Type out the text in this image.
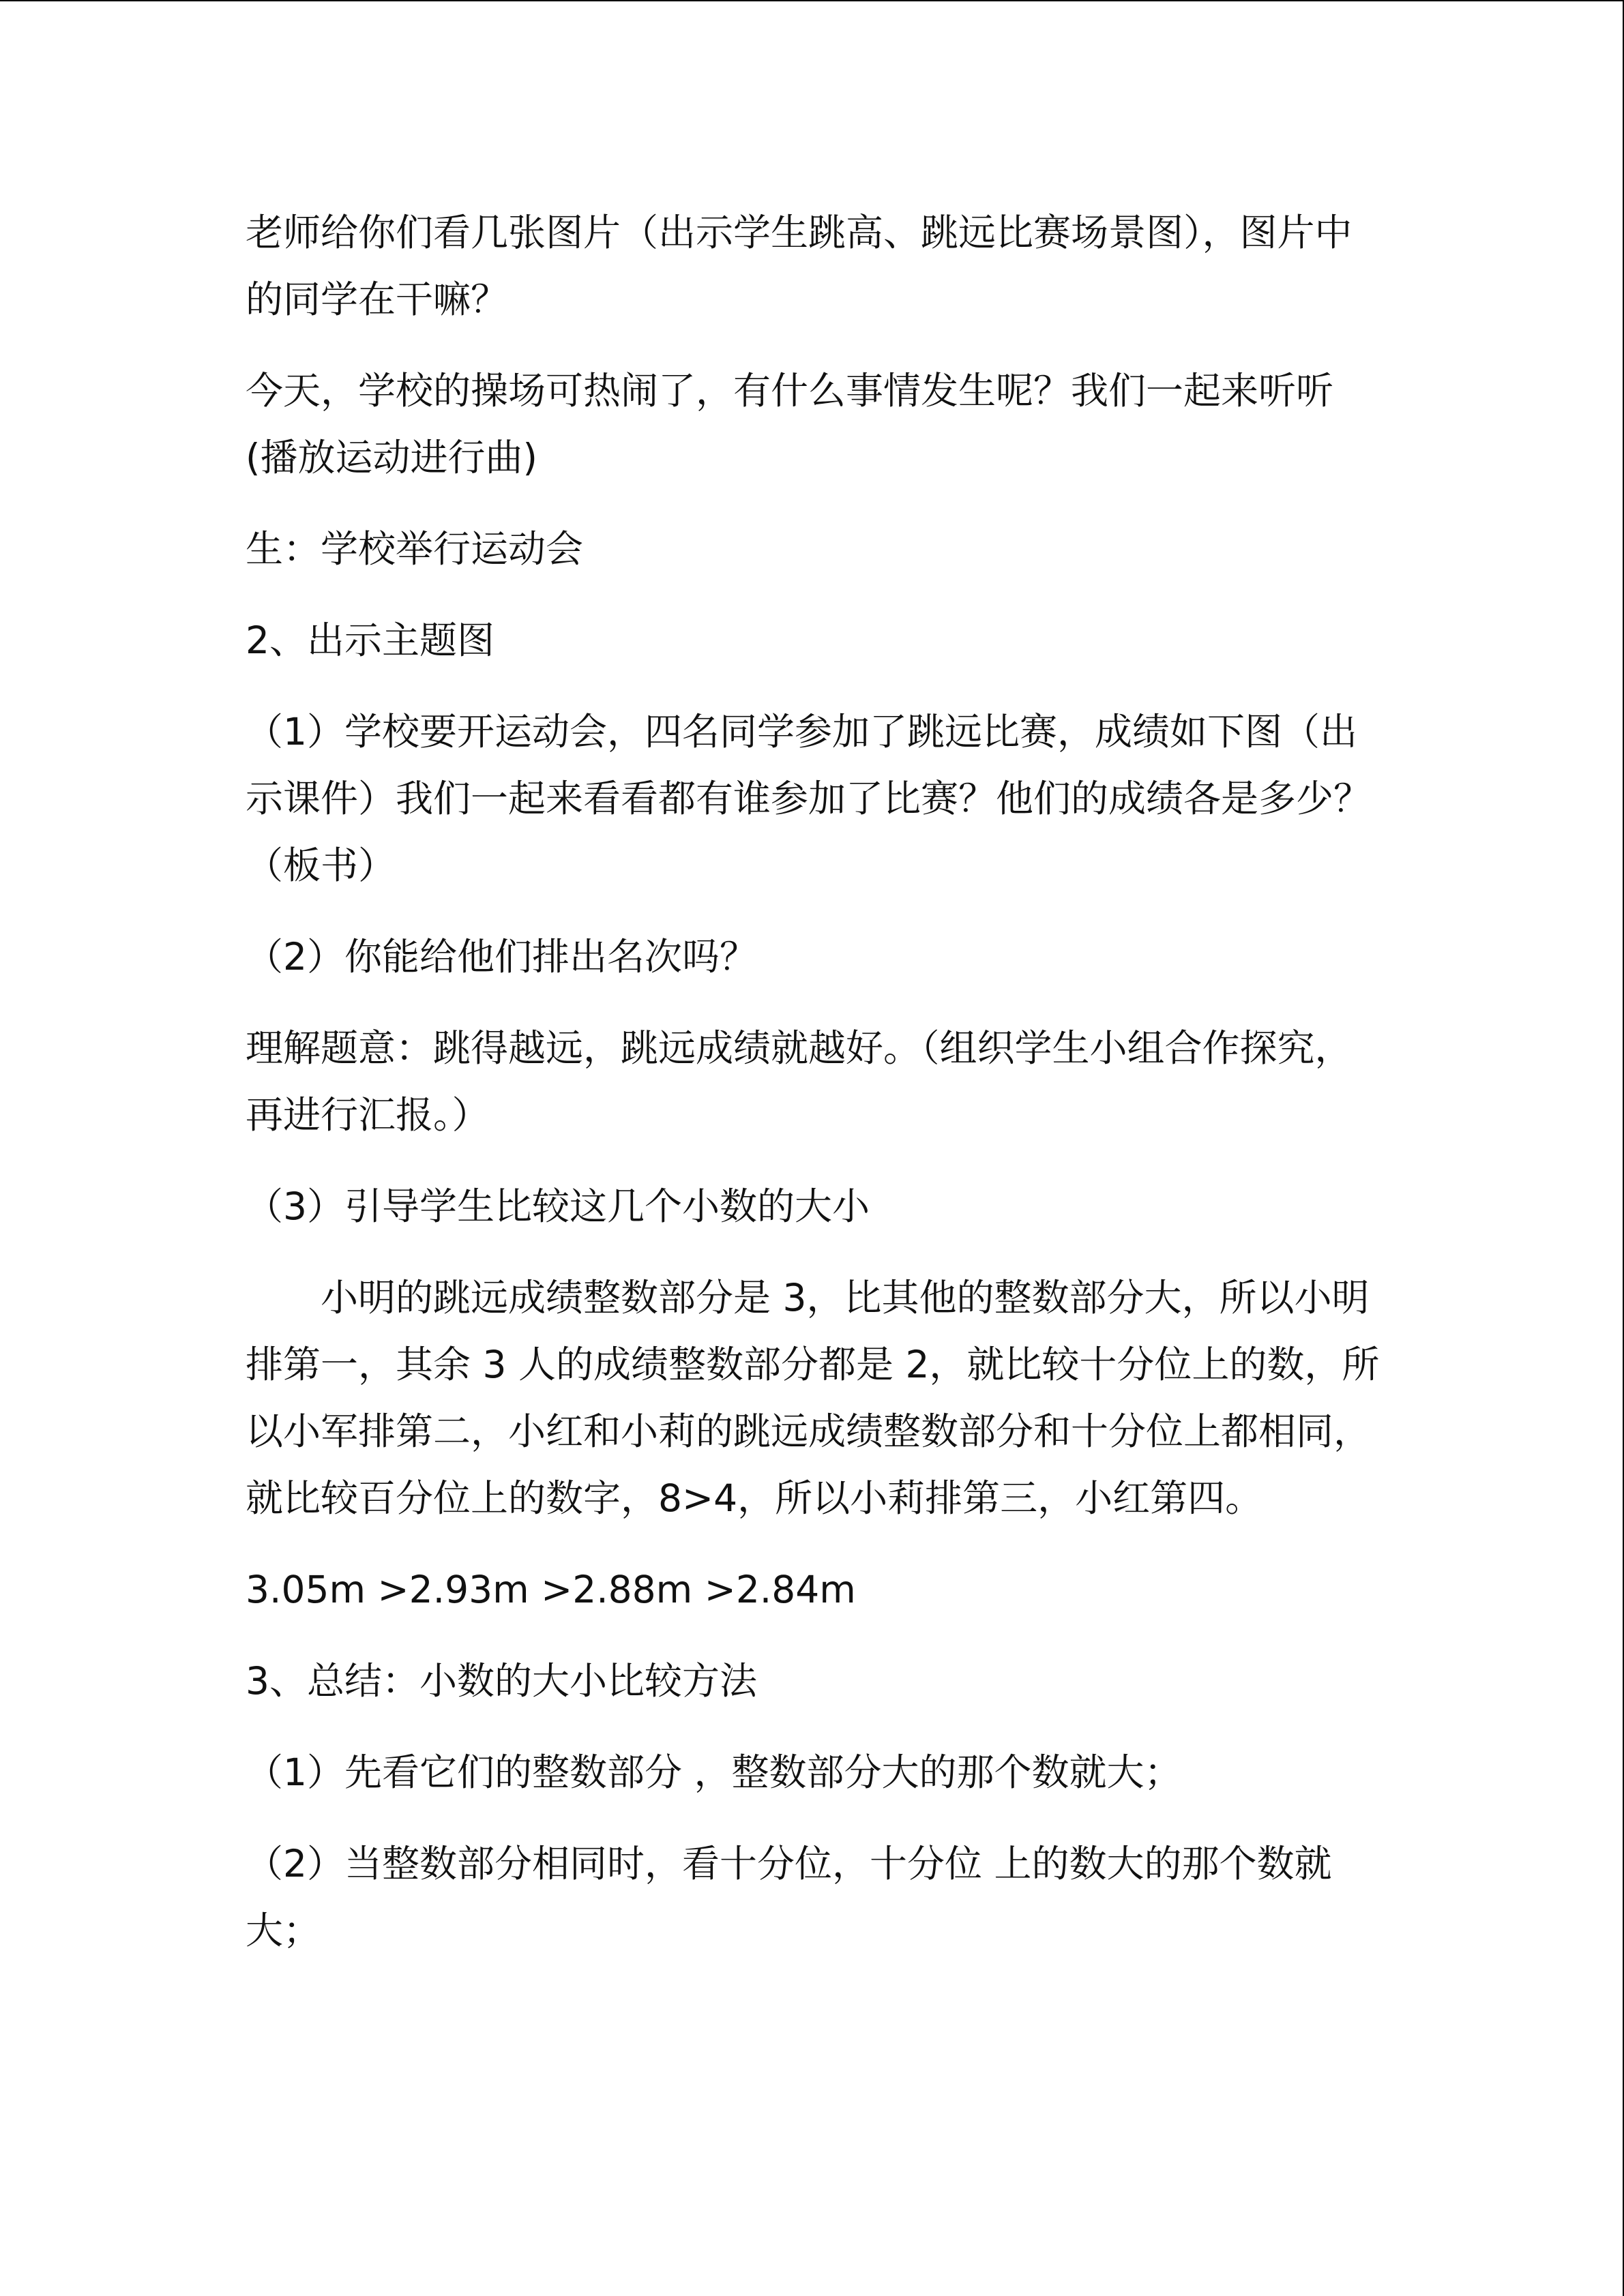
老师给你们看几张图片（出示学生跳高、跳远比赛场景图），图片中的同学在干嘛？

今天，学校的操场可热闹了，有什么事情发生呢？我们一起来听听(播放运动进行曲)

生：学校举行运动会

2、出示主题图

（1）学校要开运动会，四名同学参加了跳远比赛，成绩如下图（出示课件）我们一起来看看都有谁参加了比赛？他们的成绩各是多少？（板书）

（2）你能给他们排出名次吗？

理解题意：跳得越远，跳远成绩就越好。（组织学生小组合作探究，再进行汇报。）

（3）引导学生比较这几个小数的大小

小明的跳远成绩整数部分是 3，比其他的整数部分大，所以小明排第一，其余 3 人的成绩整数部分都是 2，就比较十分位上的数，所以小军排第二，小红和小莉的跳远成绩整数部分和十分位上都相同，就比较百分位上的数字，8>4，所以小莉排第三，小红第四。

3.05m >2.93m >2.88m >2.84m

3、总结：小数的大小比较方法

（1）先看它们的整数部分 ，整数部分大的那个数就大；

（2）当整数部分相同时，看十分位，十分位 上的数大的那个数就大；
